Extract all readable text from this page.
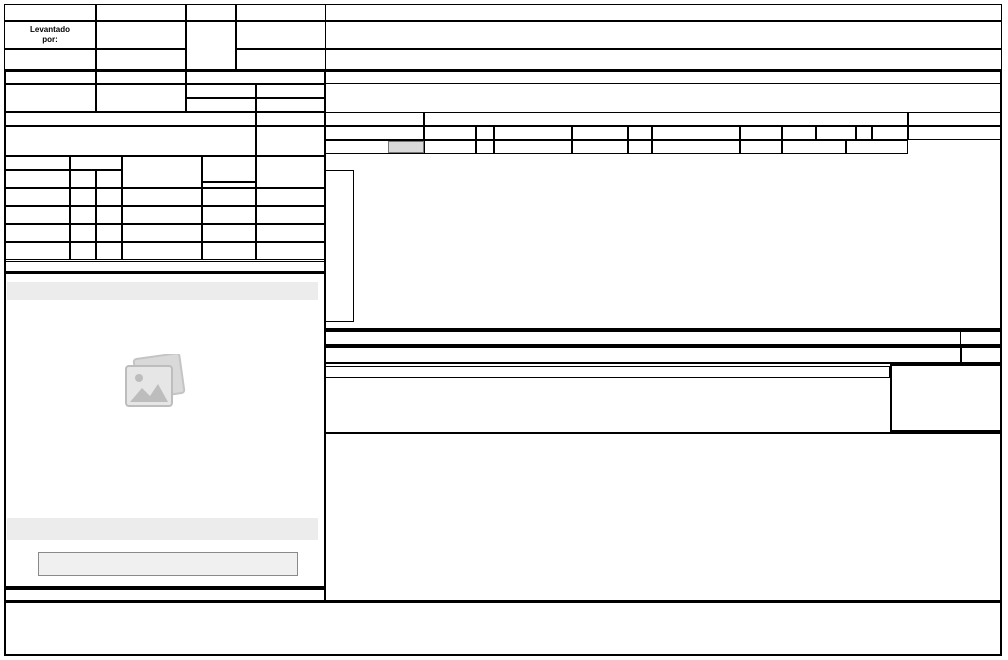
Levantado
por:
